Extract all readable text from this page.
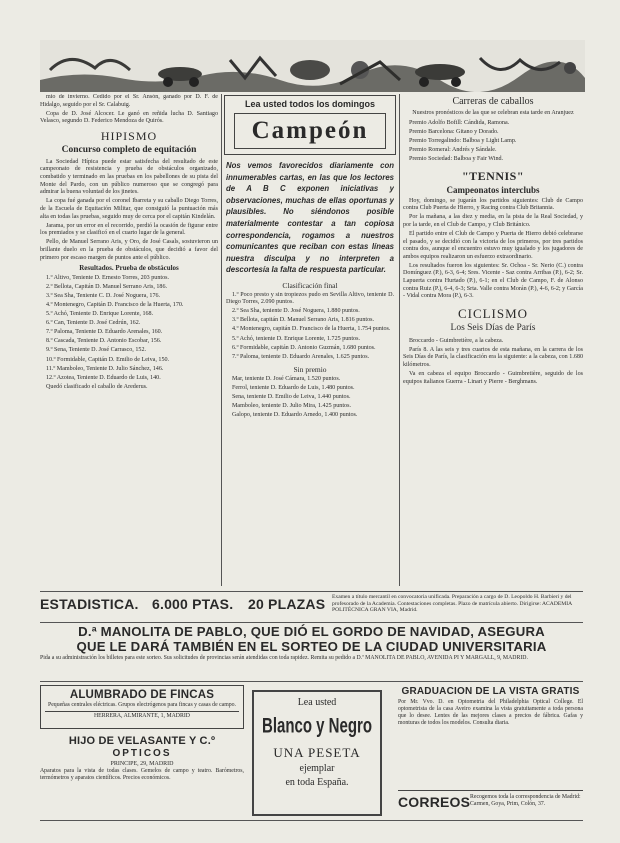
mio de invierno. Cedido por el Sr. Ansón, ganado por D. F. de Hidalgo, seguido por el Sr. Calabuig.

Copa de D. José Alcocer. Le ganó en reñida lucha D. Santiago Velasco, segundo D. Federico Mendoza de Quirós.

HIPISMO
Concurso completo de equitación

La Sociedad Hípica puede estar satisfecha del resultado de este campeonato de resistencia y prueba de obstáculos organizado, combatido y terminado en las pruebas en los pabellones de su pista del Monte del Pardo, con un público numeroso que se congregó para admirar la buena voluntad de los jinetes.

La copa fué ganada por el coronel Ibarreta y su caballo Diego Torres, de la Escuela de Equitación Militar, que consiguió la puntuación más alta en todas las pruebas, seguido muy de cerca por el capitán Kindelán.

Jarama, por un error en el recorrido, perdió la ocasión de figurar entre los premiados y se clasificó en el cuarto lugar de la general.

Pello, de Manuel Serrano Aris, y Oro, de José Casals, sostuvieron un brillante duelo en la prueba de obstáculos, que decidió a favor del primero por escaso margen de puntos ante el público.

Resultados. Prueba de obstáculos

1.º Altivo, Teniente D. Ernesto Torres, 203 puntos.

2.º Bellota, Capitán D. Manuel Serrano Aris, 186.

3.º Sea Sha, Teniente C. D. José Noguera, 176.

4.º Montenegro, Capitán D. Francisco de la Huerta, 170.

5.º Achó, Teniente D. Enrique Lorente, 168.

6.º Can, Teniente D. José Cedrún, 162.

7.º Paloma, Teniente D. Eduardo Arenales, 160.

8.º Cascada, Teniente D. Antonio Escobar, 156.

9.º Sena, Teniente D. José Carrasco, 152.

10.º Formidable, Capitán D. Emilio de Leiva, 150.

11.º Mamboleo, Teniente D. Julio Sánchez, 146.

12.º Azotea, Teniente D. Eduardo de Luis, 140.

Quedó clasificado el caballo de Arederus.

Lea usted todos los domingos
Campeón
Nos vemos favorecidos diariamente con innumerables cartas, en las que los lectores de A B C exponen iniciativas y observaciones, muchas de ellas oportunas y plausibles. No siéndonos posible materialmente contestar a tan copiosa correspondencia, rogamos a nuestros comunicantes que reciban con estas líneas nuestra disculpa y no interpreten a descortesía la falta de respuesta particular.
Clasificación final

1.º Poco presto y sin tropiezos pudo en Sevilla Altivo, teniente D. Diego Torres, 2.090 puntos.

2.º Sea Sha, teniente D. José Noguera, 1.880 puntos.

3.º Bellota, capitán D. Manuel Serrano Aris, 1.816 puntos.

4.º Montenegro, capitán D. Francisco de la Huerta, 1.754 puntos.

5.º Achó, teniente D. Enrique Lorente, 1.725 puntos.

6.º Formidable, capitán D. Antonio Guzmán, 1.680 puntos.

7.º Paloma, teniente D. Eduardo Arenales, 1.625 puntos.

Sin premio

Mar, teniente D. José Cámara, 1.520 puntos.

Ferrol, teniente D. Eduardo de Luis, 1.480 puntos.

Sena, teniente D. Emilio de Leiva, 1.440 puntos.

Mamboleo, teniente D. Julio Mira, 1.425 puntos.

Galopo, teniente D. Eduardo Arnedo, 1.400 puntos.

Carreras de caballos
Nuestros pronósticos de las que se celebran esta tarde en Aranjuez

Premio Adolfo Bofill: Cándida, Ramona.

Premio Barcelona: Gitano y Dorado.

Premio Torregalindo: Balboa y Light Lamp.

Premio Romeral: Andrés y Sándale.

Premio Sociedad: Balboa y Fair Wind.

"TENNIS"
Campeonatos interclubs

Hoy, domingo, se jugarán los partidos siguientes: Club de Campo contra Club Puerta de Hierro, y Racing contra Club Britannia.

Por la mañana, a las diez y media, en la pista de la Real Sociedad, y por la tarde, en el Club de Campo, y Club Británico.

El partido entre el Club de Campo y Puerta de Hierro debió celebrarse el pasado, y se decidió con la victoria de los primeros, por tres partidos contra dos, aunque el encuentro estuvo muy igualado y los jugadores de ambos equipos realizaron un esfuerzo extraordinario.

Los resultados fueron los siguientes: Sr. Ochoa - Sr. Nerio (C.) contra Domínguez (P.), 6-3, 6-4; Sres. Vicente - Saz contra Arribas (P.), 6-2; Sr. Lapuerta contra Hurtado (P.), 6-1; en el Club de Campo, F. de Alonso contra Ruiz (P.), 6-4, 6-3; Srta. Valle contra Morán (P.), 4-6, 6-2; y García - Vidal contra Mora (P.), 6-3.

CICLISMO
Los Seis Días de París

Broccardo - Guimbretière, a la cabeza.

París 8. A las seis y tres cuartos de esta mañana, en la carrera de los Seis Días de París, la clasificación era la siguiente: a la cabeza, con 1.680 kilómetros.

Va en cabeza el equipo Broccardo - Guimbretière, seguido de los equipos italianos Guerra - Linari y Pierre - Berghmans.

ESTADISTICA. 6.000 PTAS. 20 PLAZAS Examen a título mercantil en convocatoria unificada. Preparación a cargo de D. Leopoldo H. Barbieri y del profesorado de la Academia. Contestaciones completas. Plazo de matrícula abierto. Dirigirse: ACADEMIA POLITÉCNICA GRAN VIA, Madrid.
D.ª MANOLITA DE PABLO, QUE DIÓ EL GORDO DE NAVIDAD, ASEGURA
QUE LE DARÁ TAMBIÉN EN EL SORTEO DE LA CIUDAD UNIVERSITARIA
Pida a su administración los billetes para este sorteo. Sus solicitudes de provincias serán atendidas con toda rapidez. Remita su pedido a D.ª MANOLITA DE PABLO, AVENIDA PI Y MARGALL, 9, MADRID.
ALUMBRADO DE FINCAS
Pequeñas centrales eléctricas. Grupos electrógenos para fincas y casas de campo.
HERRERA, ALMIRANTE, 1, MADRID
HIJO DE VELASANTE Y C.º
OPTICOS
PRINCIPE, 29, MADRID
Aparatos para la vista de todas clases. Gemelos de campo y teatro. Barómetros, termómetros y aparatos científicos. Precios económicos.
Lea usted
Blanco y Negro
UNA PESETA
ejemplar
en toda España.
GRADUACION DE LA VISTA GRATIS
Por Mr. Vvo. D. en Optometria del Philadelphia Optical College. El optometrista de la casa Aveiro examina la vista gratuitamente a toda persona que lo desee. Lentes de las mejores clases a precios de fábrica. Gafas y monturas de todos los modelos. Consulta diaria.
CORREOS Recogemos toda la correspondencia de Madrid: Carmen, Goya, Prim, Colón, 37.
